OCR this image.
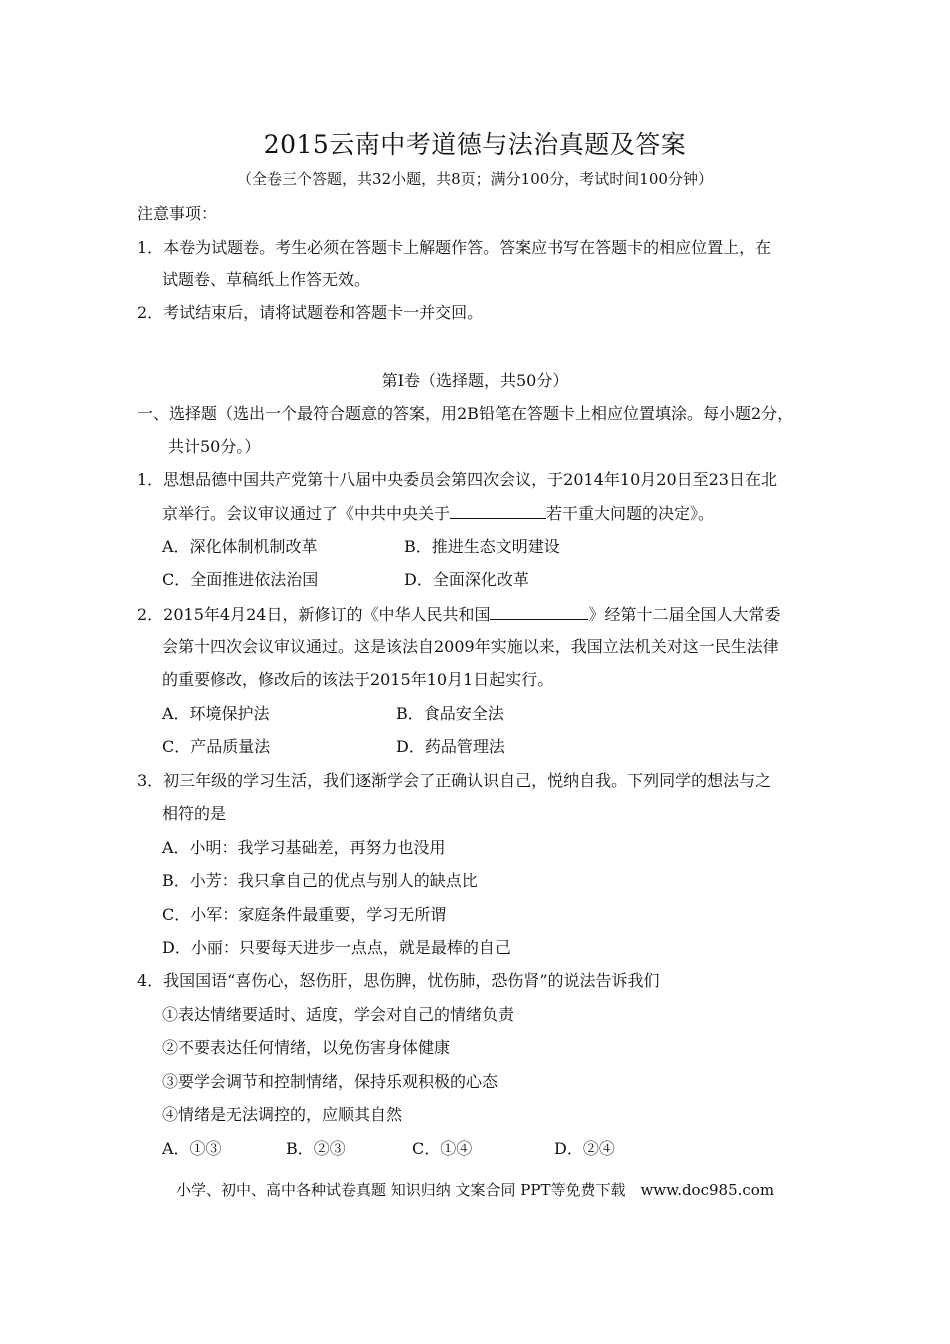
2015云南中考道德与法治真题及答案
（全卷三个答题，共32小题，共8页；满分100分，考试时间100分钟）
注意事项：
1．本卷为试题卷。考生必须在答题卡上解题作答。答案应书写在答题卡的相应位置上，在
试题卷、草稿纸上作答无效。
2．考试结束后，请将试题卷和答题卡一并交回。
第Ⅰ卷（选择题，共50分）
一、选择题（选出一个最符合题意的答案，用2B铅笔在答题卡上相应位置填涂。每小题2分，
共计50分。）
1．思想品德中国共产党第十八届中央委员会第四次会议，于2014年10月20日至23日在北
京举行。会议审议通过了《中共中央关于	若干重大问题的决定》。
A．深化体制机制改革	B．推进生态文明建设
C．全面推进依法治国	D．全面深化改革
2．2015年4月24日，新修订的《中华人民共和国	》经第十二届全国人大常委
会第十四次会议审议通过。这是该法自2009年实施以来，我国立法机关对这一民生法律
的重要修改，修改后的该法于2015年10月1日起实行。
A．环境保护法	B．食品安全法
C．产品质量法	D．药品管理法
3．初三年级的学习生活，我们逐渐学会了正确认识自己，悦纳自我。下列同学的想法与之
相符的是
A．小明：我学习基础差，再努力也没用
B．小芳：我只拿自己的优点与别人的缺点比
C．小军：家庭条件最重要，学习无所谓
D．小丽：只要每天进步一点点，就是最棒的自己
4．我国国语“喜伤心，怒伤肝，思伤脾，忧伤肺，恐伤肾”的说法告诉我们
①表达情绪要适时、适度，学会对自己的情绪负责
②不要表达任何情绪，以免伤害身体健康
③要学会调节和控制情绪，保持乐观积极的心态
④情绪是无法调控的，应顺其自然
A．①③	B．②③	C．①④	D．②④
小学、初中、高中各种试卷真题 知识归纳 文案合同 PPT等免费下载　www.doc985.com
